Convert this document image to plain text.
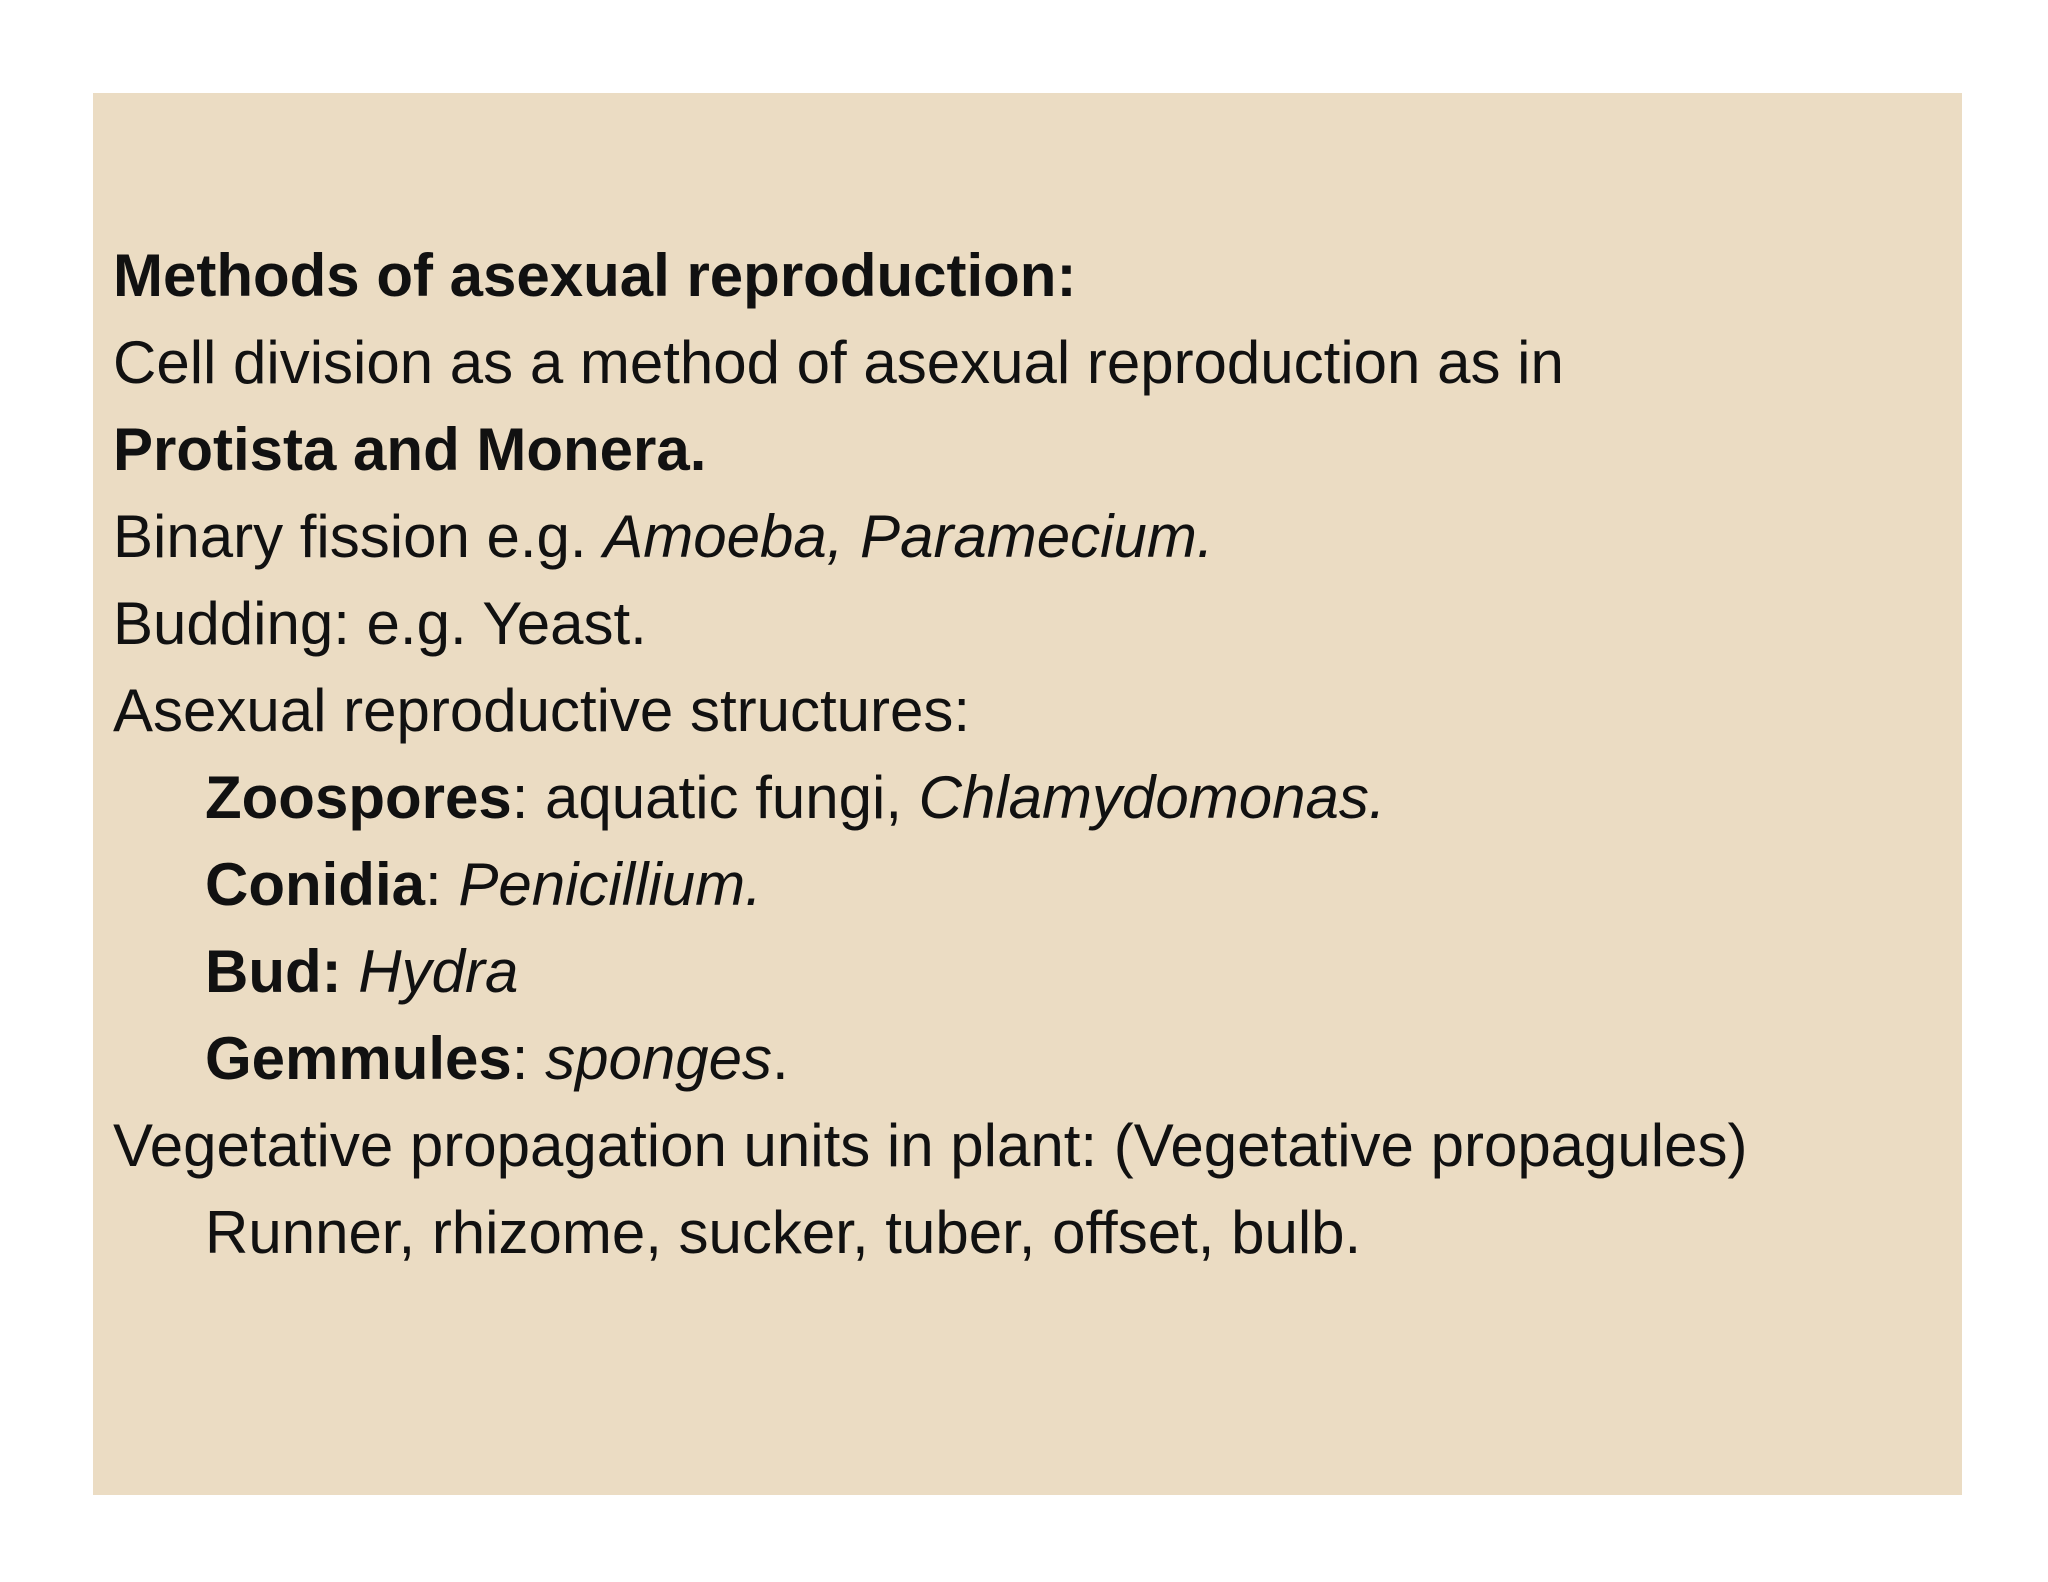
Methods of asexual reproduction:
Cell division as a method of asexual reproduction as in
Protista and Monera.
Binary fission e.g. Amoeba, Paramecium.
Budding: e.g. Yeast.
Asexual reproductive structures:
Zoospores: aquatic fungi, Chlamydomonas.
Conidia: Penicillium.
Bud: Hydra
Gemmules: sponges.
Vegetative propagation units in plant: (Vegetative propagules)
Runner, rhizome, sucker, tuber, offset, bulb.
